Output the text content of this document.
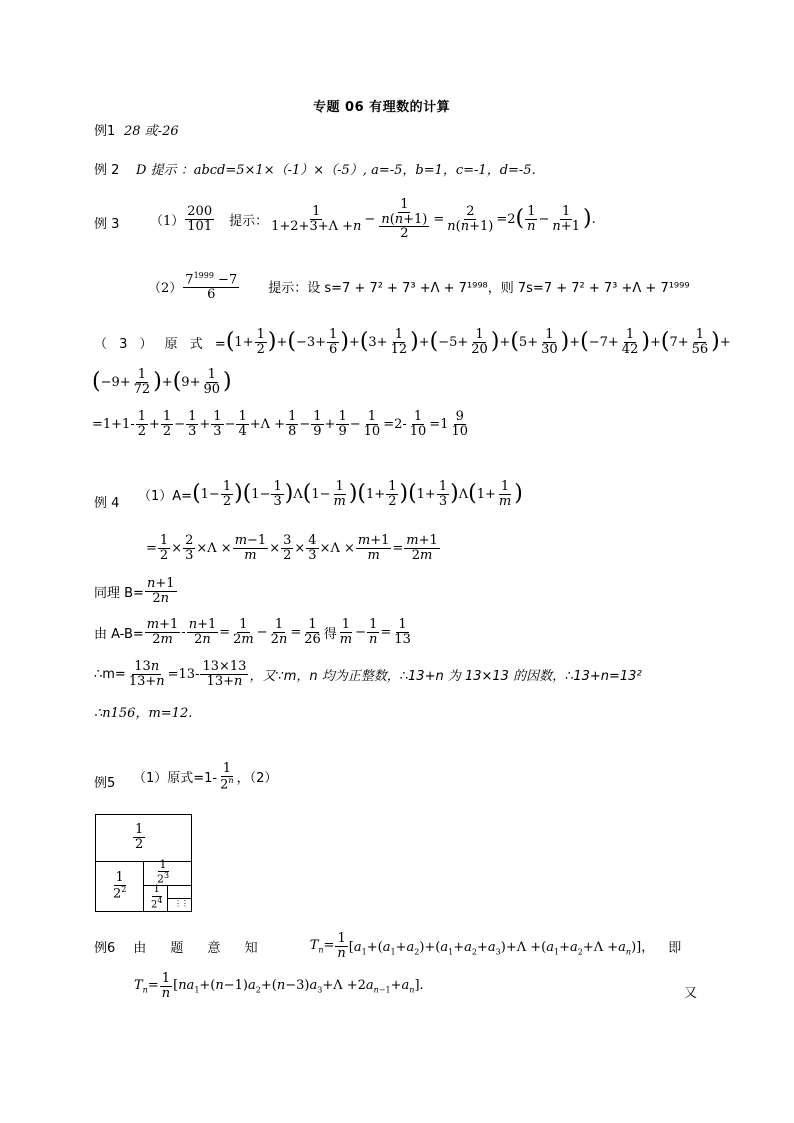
专题 06 有理数的计算
例1 28 或-26
例 2 D 提示 ：abcd=5×1×（-1）×（-5）, a=-5，b=1，c=-1，d=-5.
例 3 （1）
200
101 提示：
1
$1+2+3+\Lambda +n - \frac{1}{\frac{n(n+1)}{2}} = \frac{2}{n(n+1)} =2$ ( 1
$n - \frac{1}{n+1}$ ) .
（2）
$7^{1999} -7$
6	提示：设 s=7 + 7² + 7³ +Λ + 7¹⁹⁹⁸，则 7s=7 + 7² + 7³ +Λ + 7¹⁹⁹⁹
（ 3 ） 原 式 = ( 1+
1
2 ) + ( −3+
1
6 ) + ( 3+
1
12 ) + ( −5+
1
20 ) + ( 5+
1
30 ) + ( −7+
1
42 ) + ( 7+
1
56 ) +
( −9+
1
72 ) + ( 9+
1
90 )
=1+1-
1
2 +
1
2 −
1
3 +
1
3 −
1
4 +Λ +
1
8 −
1
9 +
1
9 −
1
10 =2-
1
10 =1
9
10
例 4 （1）A= ( 1−
1
2 ) ( 1−
1
3 ) Λ ( 1−
1
m ) ( 1+
1
2 ) ( 1+
1
3 ) Λ ( 1+
1
m )
=
1
2 ×
2
3 ×Λ ×
m−1
m ×
3
2 ×
4
3 ×Λ ×
m+1
m =
m+1
2m
同理 $B= \frac{n+1}{2n}$
由 $A-B= \frac{m+1}{2m}$ -
n+1
2n =
1
2m −
1
2n =
1
26 得
1
m −
1
n =
1
13
∴m= $\frac{13n}{13+n} =13-$
13×13
13+n ，又∵m，n 均为正整数，∴13+n 为 13×13 的因数，∴13+n=13²
∴n156，m=12.
例5 （1）原式=1-
1
2$^n$ ，（2）
1
2
1
$2^2$
1
$2^3$
1
$2^4$ ⋮⋮
例6 由 题 意 知	$T_n= \frac{1}{n} [a_1+(a_1+a_2)+(a_1+a_2+a_3)+\Lambda +(a_1+a_2+\Lambda +a_n)]$， 即
$T_n= \frac{1}{n} [na_1+(n-1)a_2+(n-3)a_3+\Lambda +2a_{n-1}+a_n]$.
又
